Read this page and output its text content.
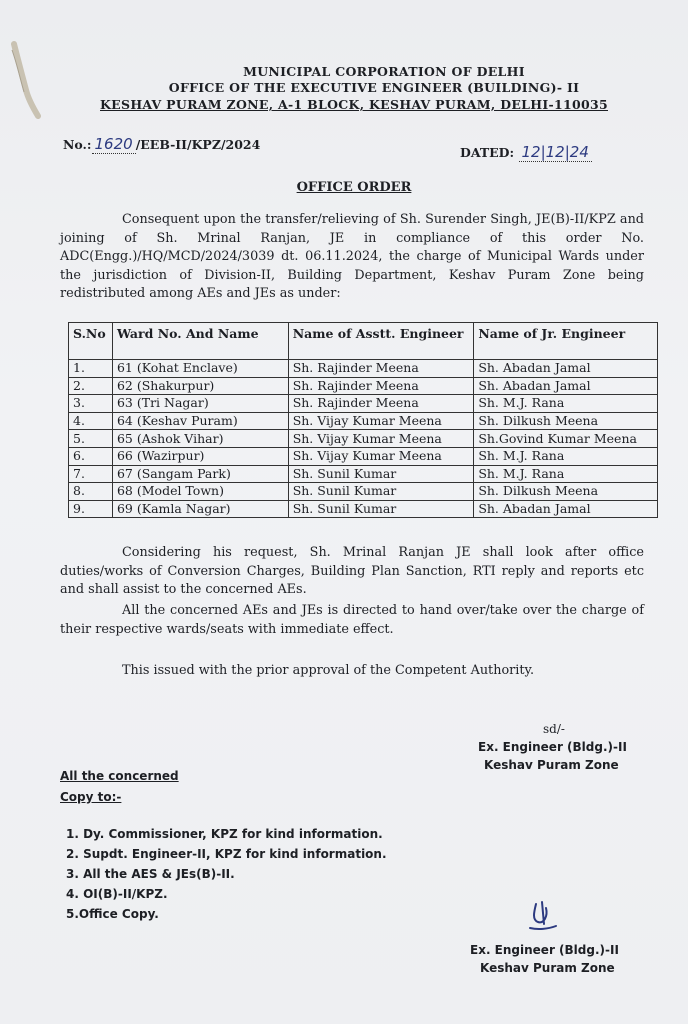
MUNICIPAL CORPORATION OF DELHI
OFFICE OF THE EXECUTIVE ENGINEER (BUILDING)- II
KESHAV PURAM ZONE, A-1 BLOCK, KESHAV PURAM, DELHI-110035
No.: 1620 /EEB-II/KPZ/2024
DATED: 12|12|24
OFFICE ORDER
Consequent upon the transfer/relieving of Sh. Surender Singh, JE(B)-II/KPZ and joining of Sh. Mrinal Ranjan, JE in compliance of this order No. ADC(Engg.)/HQ/MCD/2024/3039 dt. 06.11.2024, the charge of Municipal Wards under the jurisdiction of Division-II, Building Department, Keshav Puram Zone being redistributed among AEs and JEs as under:
S.No	Ward No. And Name	Name of Asstt. Engineer	Name of Jr. Engineer
1.	61 (Kohat Enclave)	Sh. Rajinder Meena	Sh. Abadan Jamal
2.	62 (Shakurpur)	Sh. Rajinder Meena	Sh. Abadan Jamal
3.	63 (Tri Nagar)	Sh. Rajinder Meena	Sh. M.J. Rana
4.	64 (Keshav Puram)	Sh. Vijay Kumar Meena	Sh. Dilkush Meena
5.	65 (Ashok Vihar)	Sh. Vijay Kumar Meena	Sh.Govind Kumar Meena
6.	66 (Wazirpur)	Sh. Vijay Kumar Meena	Sh. M.J. Rana
7.	67 (Sangam Park)	Sh. Sunil Kumar	Sh. M.J. Rana
8.	68 (Model Town)	Sh. Sunil Kumar	Sh. Dilkush Meena
9.	69 (Kamla Nagar)	Sh. Sunil Kumar	Sh. Abadan Jamal
Considering his request, Sh. Mrinal Ranjan JE shall look after office duties/works of Conversion Charges, Building Plan Sanction, RTI reply and reports etc and shall assist to the concerned AEs.
All the concerned AEs and JEs is directed to hand over/take over the charge of their respective wards/seats with immediate effect.
This issued with the prior approval of the Competent Authority.
sd/-
Ex. Engineer (Bldg.)-II
Keshav Puram Zone
All the concerned
Copy to:-
1. Dy. Commissioner, KPZ for kind information.
2. Supdt. Engineer-II, KPZ for kind information.
3. All the AES & JEs(B)-II.
4. OI(B)-II/KPZ.
5.Office Copy.
Ex. Engineer (Bldg.)-II
Keshav Puram Zone
